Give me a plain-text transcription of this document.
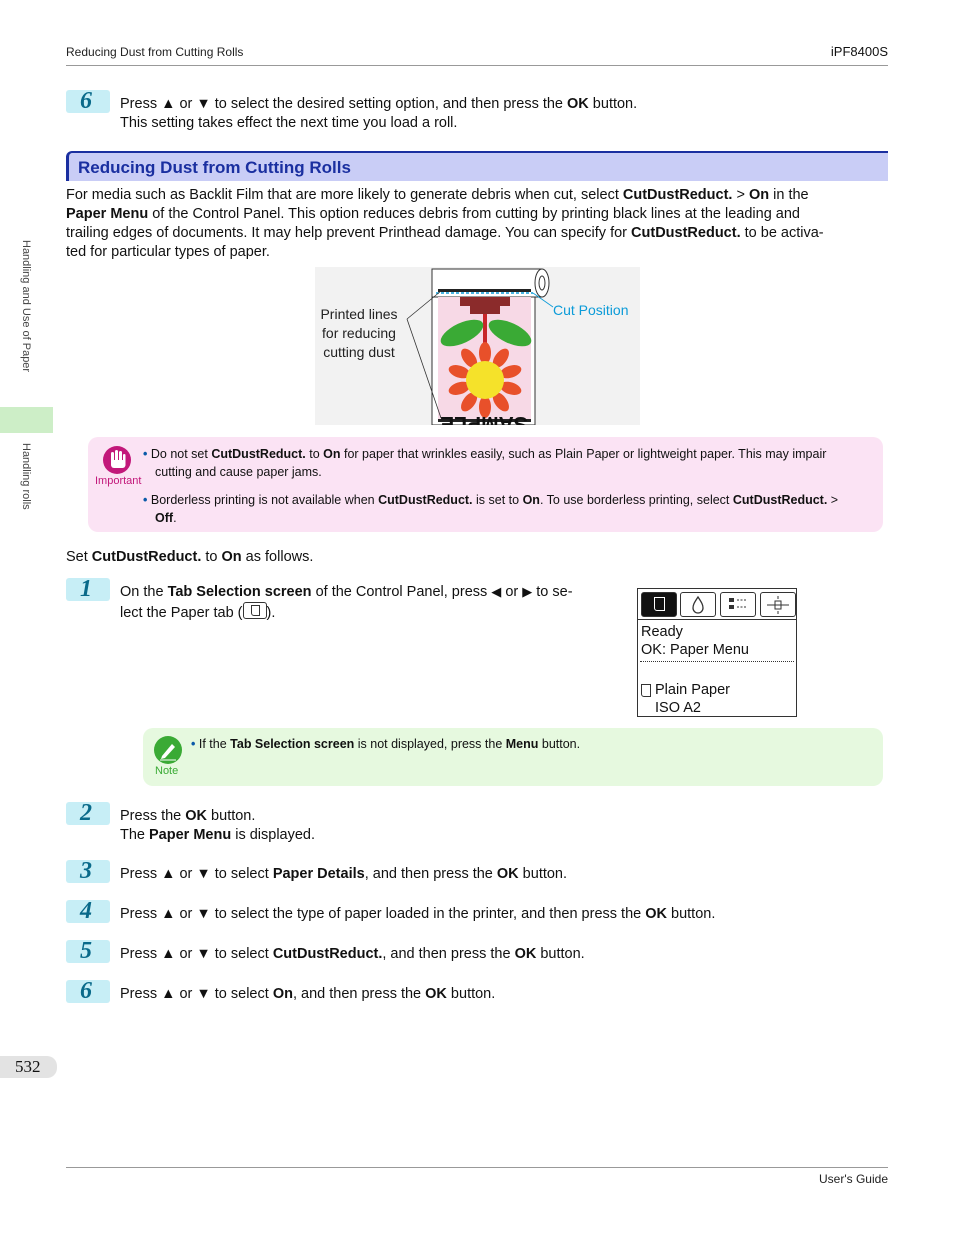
Reducing Dust from Cutting Rolls	iPF8400S
Handling and Use of Paper
Handling rolls
6	Press ▲ or ▼ to select the desired setting option, and then press the OK button.
This setting takes effect the next time you load a roll.
Reducing Dust from Cutting Rolls
For media such as Backlit Film that are more likely to generate debris when cut, select CutDustReduct. > On in the
Paper Menu of the Control Panel. This option reduces debris from cutting by printing black lines at the leading and
trailing edges of documents. It may help prevent Printhead damage. You can specify for CutDustReduct. to be activa-
ted for particular types of paper.
SAMPLE
Printed lines
for reducing
cutting dust
Cut Position
Important
• Do not set CutDustReduct. to On for paper that wrinkles easily, such as Plain Paper or lightweight paper. This may impair
cutting and cause paper jams.
• Borderless printing is not available when CutDustReduct. is set to On. To use borderless printing, select CutDustReduct. >
Off.
Set CutDustReduct. to On as follows.
1	On the Tab Selection screen of the Control Panel, press ◀ or ▶ to se-
lect the Paper tab ( ).
Ready
OK: Paper Menu
Plain Paper
ISO A2
Note
• If the Tab Selection screen is not displayed, press the Menu button.
2	Press the OK button.
The Paper Menu is displayed.
3	Press ▲ or ▼ to select Paper Details, and then press the OK button.
4	Press ▲ or ▼ to select the type of paper loaded in the printer, and then press the OK button.
5	Press ▲ or ▼ to select CutDustReduct., and then press the OK button.
6	Press ▲ or ▼ to select On, and then press the OK button.
532
User's Guide
